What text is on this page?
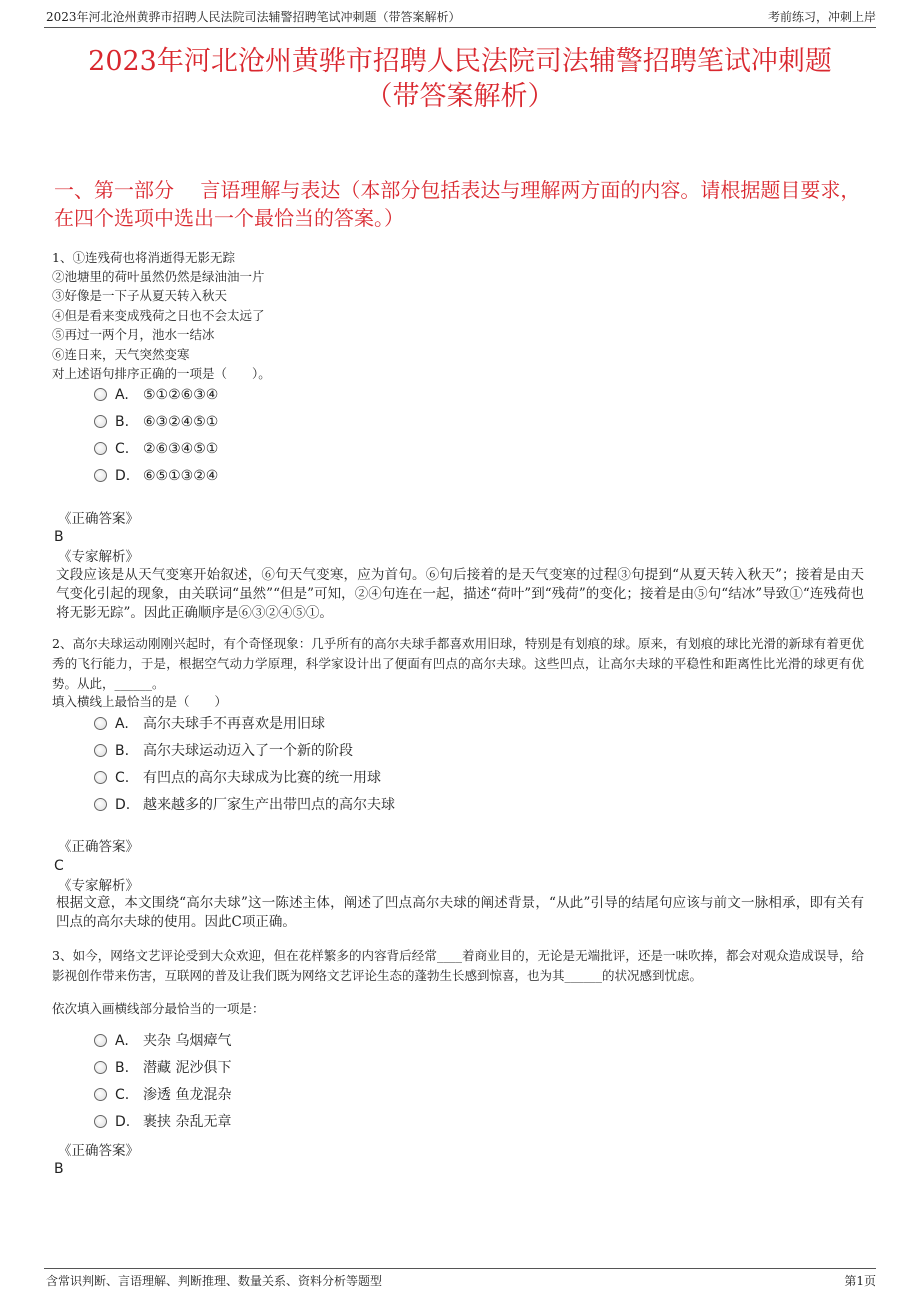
2023年河北沧州黄骅市招聘人民法院司法辅警招聘笔试冲刺题（带答案解析）	考前练习，冲刺上岸
2023年河北沧州黄骅市招聘人民法院司法辅警招聘笔试冲刺题
（带答案解析）
一、第一部分　 言语理解与表达（本部分包括表达与理解两方面的内容。请根据题目要求，在四个选项中选出一个最恰当的答案。）
1、①连残荷也将消逝得无影无踪
②池塘里的荷叶虽然仍然是绿油油一片
③好像是一下子从夏天转入秋天
④但是看来变成残荷之日也不会太远了
⑤再过一两个月，池水一结冰
⑥连日来，天气突然变寒
对上述语句排序正确的一项是（　　）。
A. ⑤①②⑥③④
B. ⑥③②④⑤①
C. ②⑥③④⑤①
D. ⑥⑤①③②④
《正确答案》
B
《专家解析》
文段应该是从天气变寒开始叙述，⑥句天气变寒，应为首句。⑥句后接着的是天气变寒的过程③句提到“从夏天转入秋天”；接着是由天气变化引起的现象，由关联词“虽然”“但是”可知，②④句连在一起，描述“荷叶”到“残荷”的变化；接着是由⑤句“结冰”导致①“连残荷也将无影无踪”。因此正确顺序是⑥③②④⑤①。
2、高尔夫球运动刚刚兴起时，有个奇怪现象：几乎所有的高尔夫球手都喜欢用旧球，特别是有划痕的球。原来，有划痕的球比光滑的新球有着更优秀的飞行能力，于是，根据空气动力学原理，科学家设计出了便面有凹点的高尔夫球。这些凹点，让高尔夫球的平稳性和距离性比光滑的球更有优势。从此，______。
填入横线上最恰当的是（　　）
A. 高尔夫球手不再喜欢是用旧球
B. 高尔夫球运动迈入了一个新的阶段
C. 有凹点的高尔夫球成为比赛的统一用球
D. 越来越多的厂家生产出带凹点的高尔夫球
《正确答案》
C
《专家解析》
根据文意，本文围绕“高尔夫球”这一陈述主体，阐述了凹点高尔夫球的阐述背景，“从此”引导的结尾句应该与前文一脉相承，即有关有凹点的高尔夫球的使用。因此C项正确。
3、如今，网络文艺评论受到大众欢迎，但在花样繁多的内容背后经常____着商业目的，无论是无端批评，还是一味吹捧，都会对观众造成误导，给影视创作带来伤害，互联网的普及让我们既为网络文艺评论生态的蓬勃生长感到惊喜，也为其______的状况感到忧虑。
依次填入画横线部分最恰当的一项是：
A. 夹杂 乌烟瘴气
B. 潜藏 泥沙俱下
C. 渗透 鱼龙混杂
D. 裹挟 杂乱无章
《正确答案》
B
含常识判断、言语理解、判断推理、数量关系、资料分析等题型	第1页
